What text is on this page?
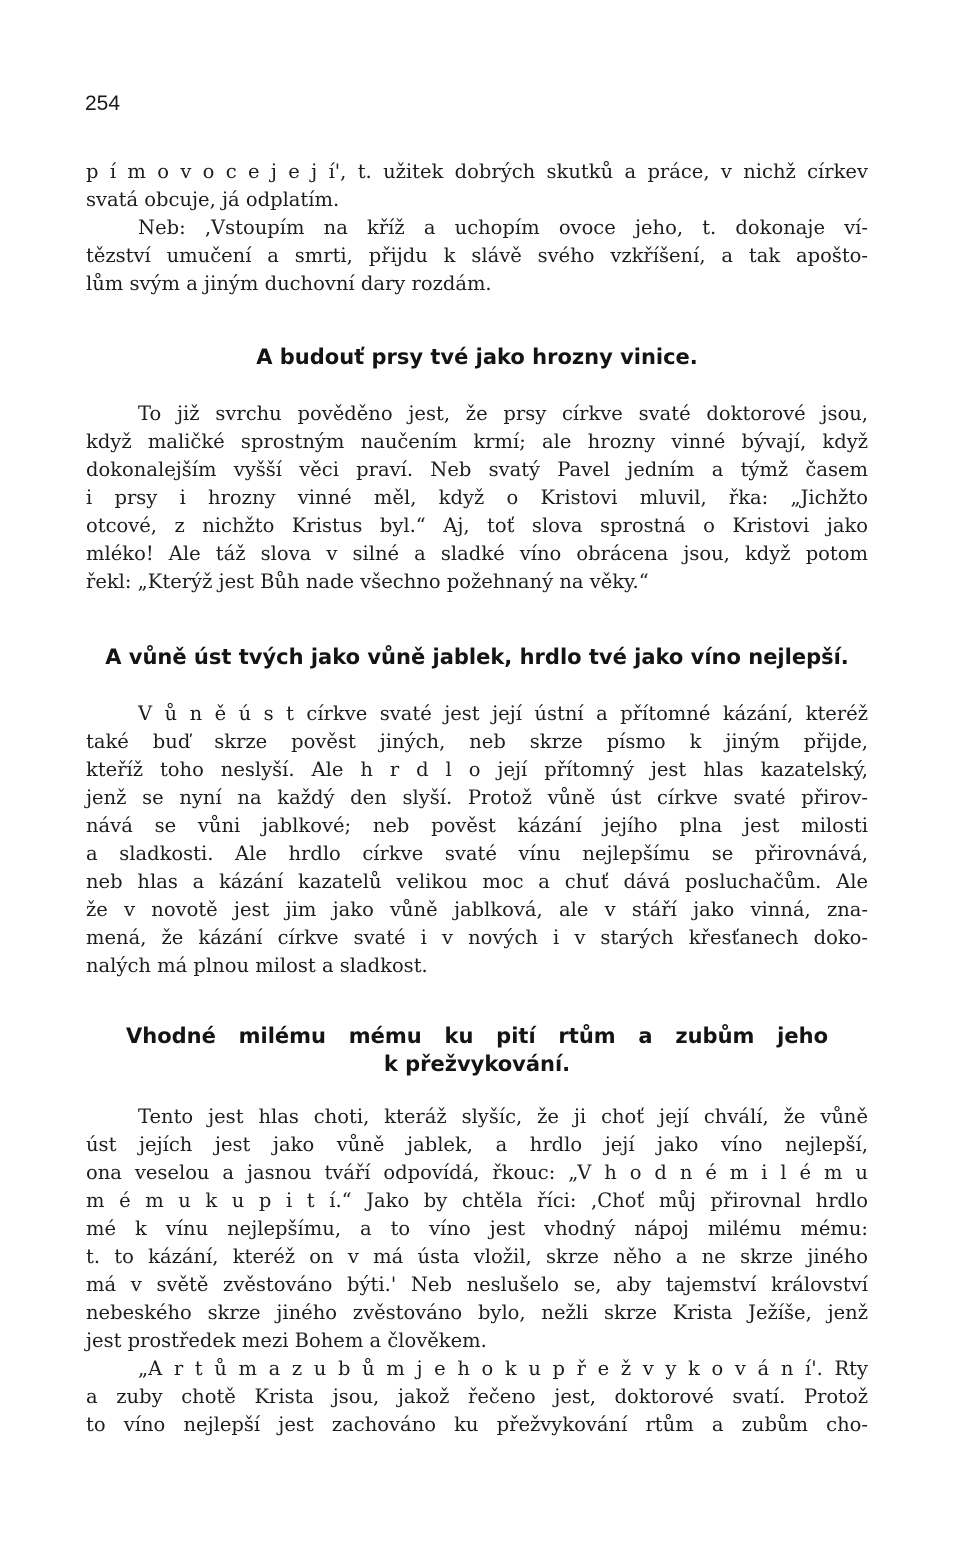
254
p í m o v o c e j e j í', t. užitek dobrých skutků a práce, v nichž církev
svatá obcuje, já odplatím.
Neb: ,Vstoupím na kříž a uchopím ovoce jeho, t. dokonaje ví-
tězství umučení a smrti, přijdu k slávě svého vzkříšení, a tak apošto-
lům svým a jiným duchovní dary rozdám.
A budouť prsy tvé jako hrozny vinice.
To již svrchu pověděno jest, že prsy církve svaté doktorové jsou,
když maličké sprostným naučením krmí; ale hrozny vinné bývají, když
dokonalejším vyšší věci praví. Neb svatý Pavel jedním a týmž časem
i prsy i hrozny vinné měl, když o Kristovi mluvil, řka: „Jichžto
otcové, z nichžto Kristus byl.“ Aj, toť slova sprostná o Kristovi jako
mléko! Ale táž slova v silné a sladké víno obrácena jsou, když potom
řekl: „Kterýž jest Bůh nade všechno požehnaný na věky.“
A vůně úst tvých jako vůně jablek, hrdlo tvé jako víno nejlepší.
V ů n ě ú s t církve svaté jest její ústní a přítomné kázání, kteréž
také buď skrze pověst jiných, neb skrze písmo k jiným přijde,
kteříž toho neslyší. Ale h r d l o její přítomný jest hlas kazatelský,
jenž se nyní na každý den slyší. Protož vůně úst církve svaté přirov-
nává se vůni jablkové; neb pověst kázání jejího plna jest milosti
a sladkosti. Ale hrdlo církve svaté vínu nejlepšímu se přirovnává,
neb hlas a kázání kazatelů velikou moc a chuť dává posluchačům. Ale
že v novotě jest jim jako vůně jablková, ale v stáří jako vinná, zna-
mená, že kázání církve svaté i v nových i v starých křesťanech doko-
nalých má plnou milost a sladkost.
Vhodné milému mému ku pití rtům a zubům jeho
k přežvykování.
Tento jest hlas choti, kteráž slyšíc, že ji choť její chválí, že vůně
úst jejích jest jako vůně jablek, a hrdlo její jako víno nejlepší,
ona veselou a jasnou tváří odpovídá, řkouc: „V h o d n é m i l é m u
m é m u k u p i t í.“ Jako by chtěla říci: ,Choť můj přirovnal hrdlo
mé k vínu nejlepšímu, a to víno jest vhodný nápoj milému mému:
t. to kázání, kteréž on v má ústa vložil, skrze něho a ne skrze jiného
má v světě zvěstováno býti.' Neb neslušelo se, aby tajemství království
nebeského skrze jiného zvěstováno bylo, nežli skrze Krista Ježíše, jenž
jest prostředek mezi Bohem a člověkem.
„A r t ů m a z u b ů m j e h o k u p ř e ž v y k o v á n í'. Rty
a zuby chotě Krista jsou, jakož řečeno jest, doktorové svatí. Protož
to víno nejlepší jest zachováno ku přežvykování rtům a zubům cho-
